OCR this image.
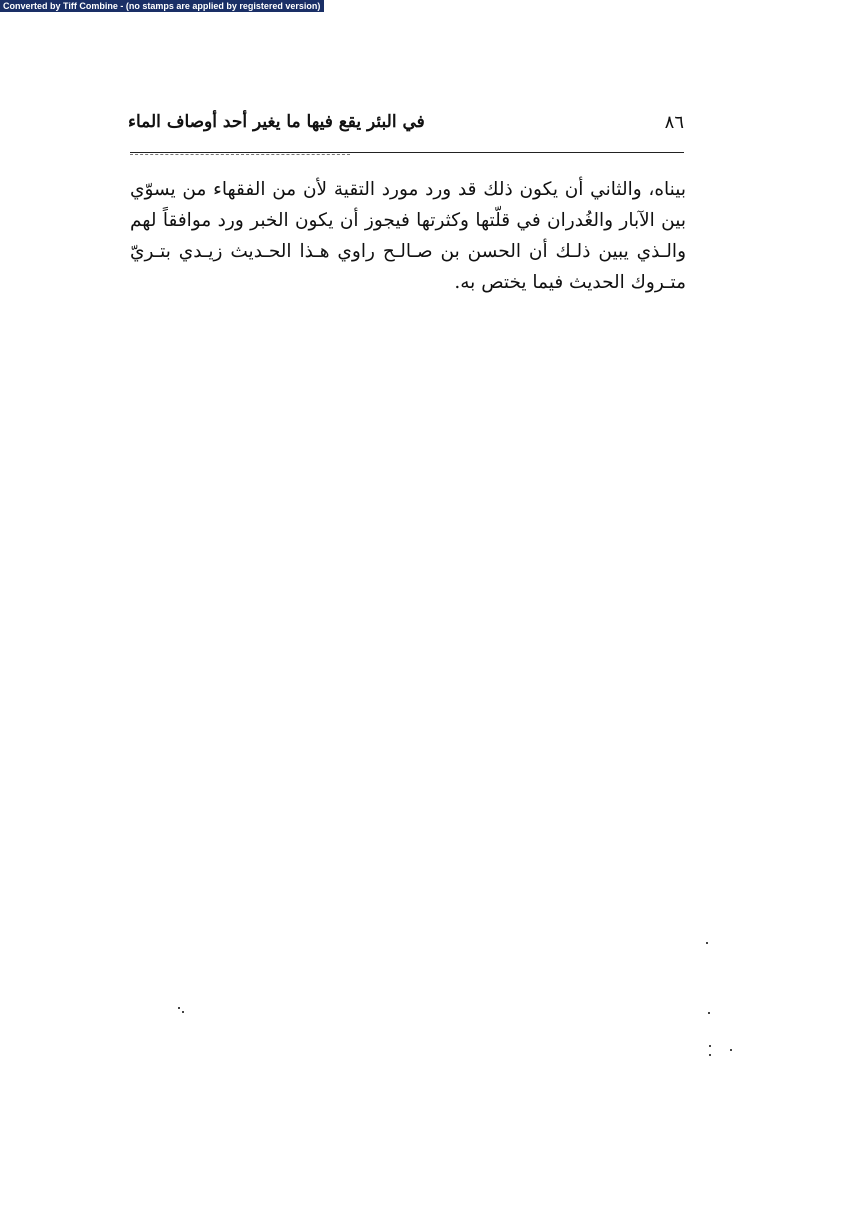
Converted by Tiff Combine - (no stamps are applied by registered version)
في البئر يقع فيها ما يغير أحد أوصاف الماء	٨٦
بيناه، والثاني أن يكون ذلك قد ورد مورد التقية لأن من الفقهاء من يسوّي بين الآبار والغُدران في قلّتها وكثرتها فيجوز أن يكون الخبر ورد موافقاً لهم والـذي يبين ذلـك أن الحسن بن صـالـح راوي هـذا الحـديث زيـدي بتـريّ متـروك الحديث فيما يختص به.
